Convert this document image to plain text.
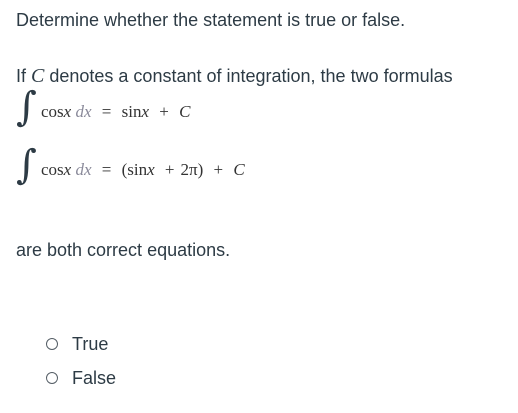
Determine whether the statement is true or false.
If C denotes a constant of integration, the two formulas
∫ cosx dx = sinx + C
∫ cosx dx = (sinx + 2π) + C
are both correct equations.
True
False
